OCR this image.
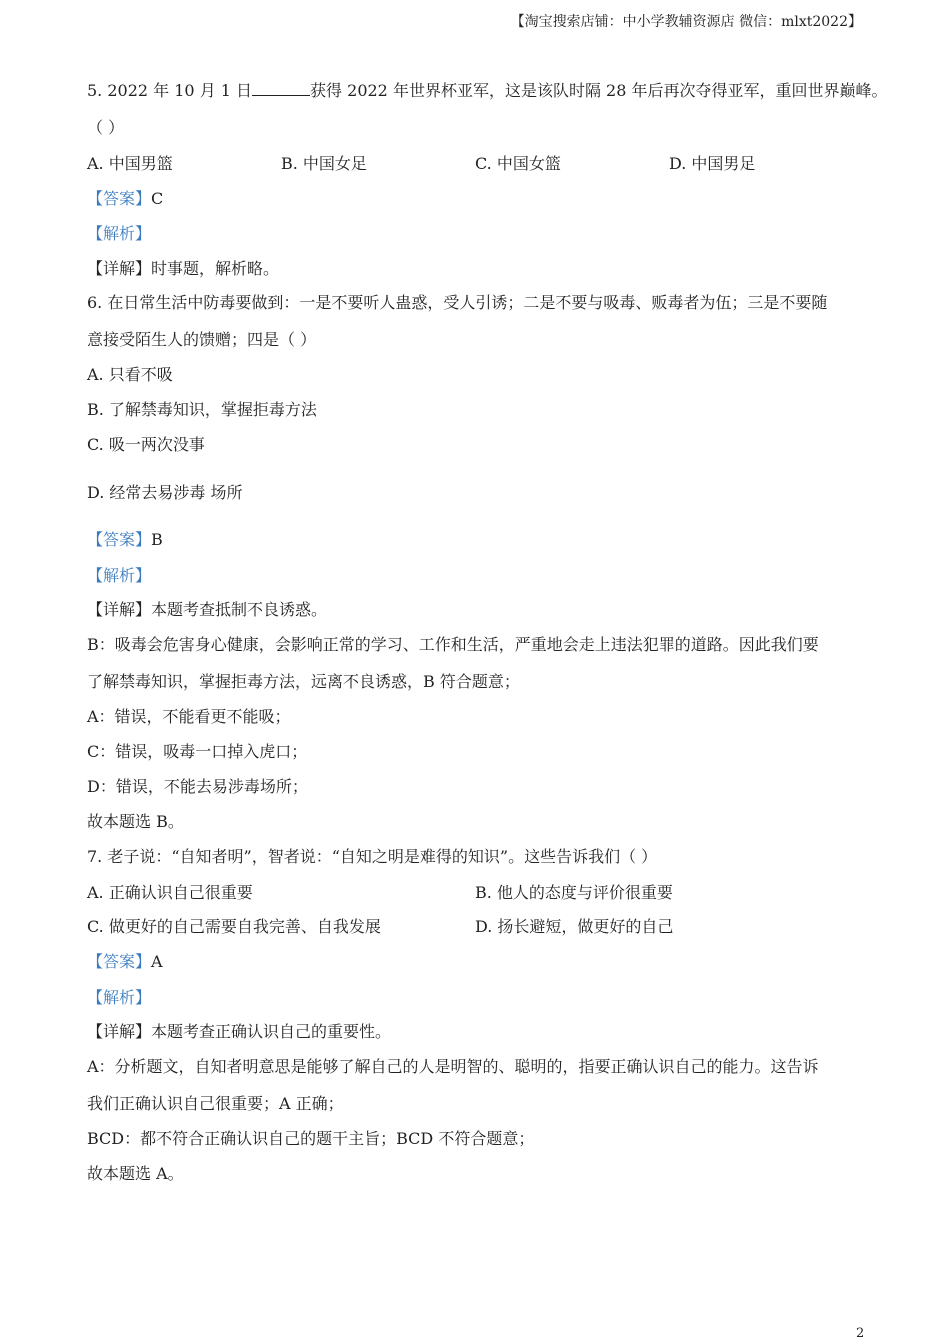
【淘宝搜索店铺：中小学教辅资源店 微信：mlxt2022】
5. 2022 年 10 月 1 日	获得 2022 年世界杯亚军，这是该队时隔 28 年后再次夺得亚军，重回世界巅峰。
（ ）
A. 中国男篮	B. 中国女足	C. 中国女篮	D. 中国男足
【答案】C
【解析】
【详解】时事题，解析略。
6. 在日常生活中防毒要做到：一是不要听人蛊惑，受人引诱；二是不要与吸毒、贩毒者为伍；三是不要随
意接受陌生人的馈赠；四是（ ）
A. 只看不吸
B. 了解禁毒知识，掌握拒毒方法
C. 吸一两次没事
D. 经常去易涉毒 场所
【答案】B
【解析】
【详解】本题考查抵制不良诱惑。
B：吸毒会危害身心健康，会影响正常的学习、工作和生活，严重地会走上违法犯罪的道路。因此我们要
了解禁毒知识，掌握拒毒方法，远离不良诱惑，B 符合题意；
A：错误，不能看更不能吸；
C：错误，吸毒一口掉入虎口；
D：错误，不能去易涉毒场所；
故本题选 B。
7. 老子说：“自知者明”，智者说：“自知之明是难得的知识”。这些告诉我们（ ）
A. 正确认识自己很重要	B. 他人的态度与评价很重要
C. 做更好的自己需要自我完善、自我发展	D. 扬长避短，做更好的自己
【答案】A
【解析】
【详解】本题考查正确认识自己的重要性。
A：分析题文，自知者明意思是能够了解自己的人是明智的、聪明的，指要正确认识自己的能力。这告诉
我们正确认识自己很重要；A 正确；
BCD：都不符合正确认识自己的题干主旨；BCD 不符合题意；
故本题选 A。
2
